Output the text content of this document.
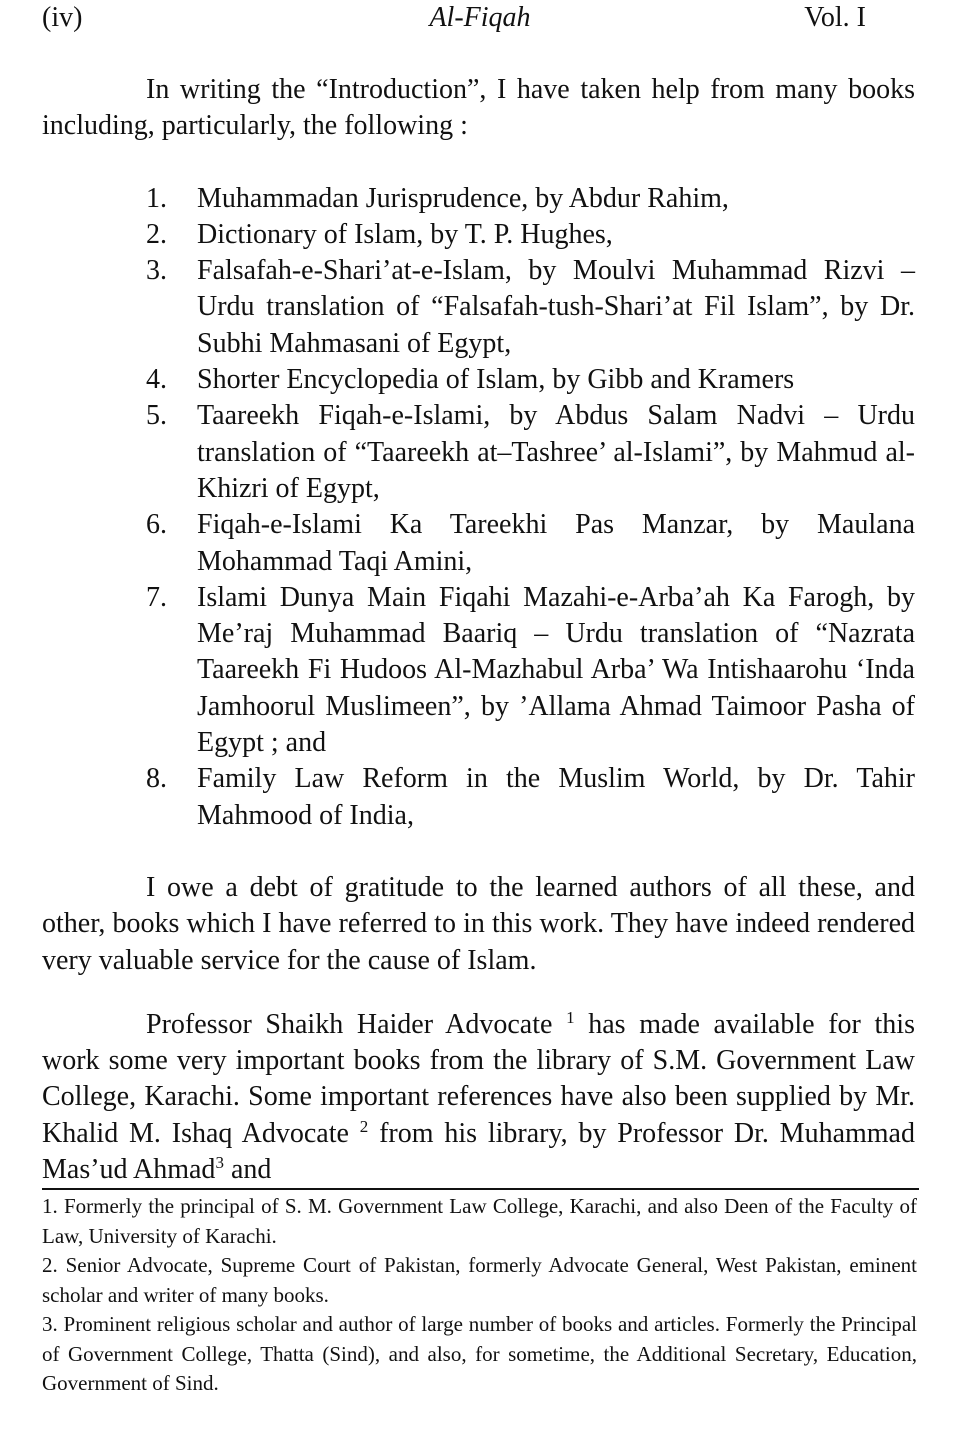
(iv)	Al-Fiqah	Vol. I

In writing the “Introduction”, I have taken help from many books including, particularly, the following :

1. Muhammadan Jurisprudence, by Abdur Rahim,
2. Dictionary of Islam, by T. P. Hughes,
3. Falsafah-e-Shari’at-e-Islam, by Moulvi Muhammad Rizvi – Urdu translation of “Falsafah-tush-Shari’at Fil Islam”, by Dr. Subhi Mahmasani of Egypt,
4. Shorter Encyclopedia of Islam, by Gibb and Kramers
5. Taareekh Fiqah-e-Islami, by Abdus Salam Nadvi – Urdu translation of “Taareekh at–Tashree’ al-Islami”, by Mahmud al-Khizri of Egypt,
6. Fiqah-e-Islami Ka Tareekhi Pas Manzar, by Maulana Mohammad Taqi Amini,
7. Islami Dunya Main Fiqahi Mazahi-e-Arba’ah Ka Farogh, by Me’raj Muhammad Baariq – Urdu translation of “Nazrata Taareekh Fi Hudoos Al-Mazhabul Arba’ Wa Intishaarohu ‘Inda Jamhoorul Muslimeen”, by ’Allama Ahmad Taimoor Pasha of Egypt ; and
8. Family Law Reform in the Muslim World, by Dr. Tahir Mahmood of India,

I owe a debt of gratitude to the learned authors of all these, and other, books which I have referred to in this work. They have indeed rendered very valuable service for the cause of Islam.

Professor Shaikh Haider Advocate $^1$ has made available for this work some very important books from the library of S.M. Government Law College, Karachi. Some important references have also been supplied by Mr. Khalid M. Ishaq Advocate $^2$ from his library, by Professor Dr. Muhammad Mas’ud Ahmad$^3$ and

1. Formerly the principal of S. M. Government Law College, Karachi, and also Deen of the Faculty of Law, University of Karachi.

2. Senior Advocate, Supreme Court of Pakistan, formerly Advocate General, West Pakistan, eminent scholar and writer of many books.

3. Prominent religious scholar and author of large number of books and articles. Formerly the Principal of Government College, Thatta (Sind), and also, for sometime, the Additional Secretary, Education, Government of Sind.
